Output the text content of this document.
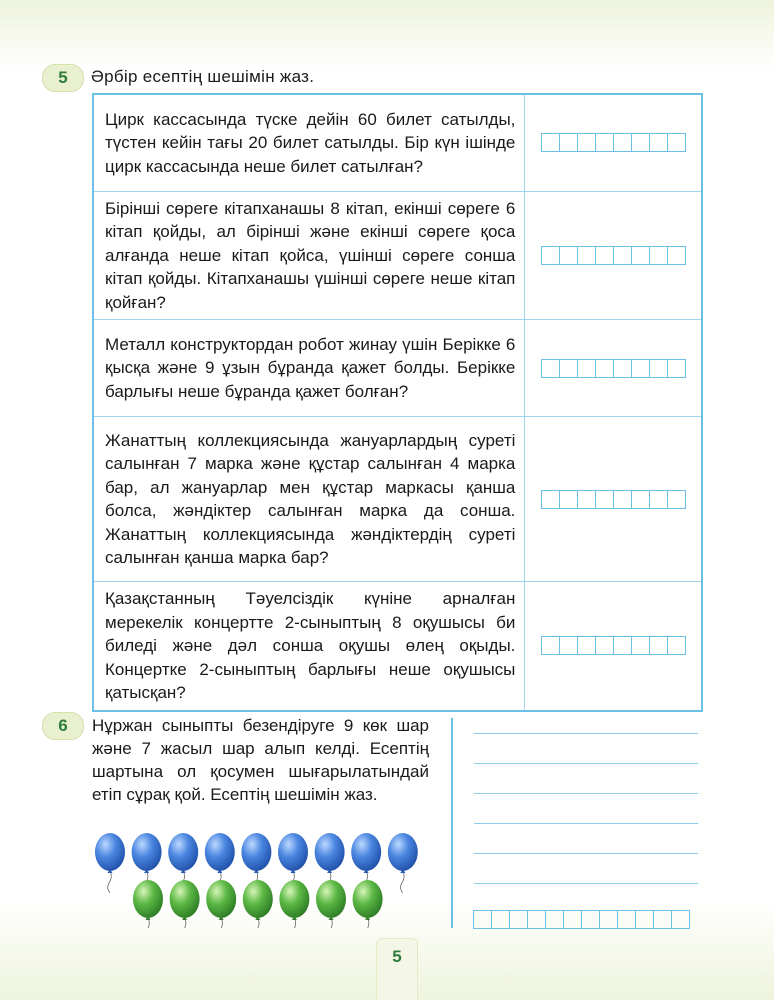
5	Әрбір есептің шешімін жаз.
Цирк кассасында түске дейін 60 билет сатылды, түстен кейін тағы 20 билет сатылды. Бір күн ішінде цирк кассасында неше билет сатылған?	

Бірінші сөреге кітапханашы 8 кітап, екінші сөреге 6 кітап қойды, ал бірінші және екінші сөреге қоса алғанда неше кітап қойса, үшінші сөреге сонша кітап қойды. Кітапханашы үшінші сөреге неше кітап қойған?	

Металл конструктордан робот жинау үшін Берікке 6 қысқа және 9 ұзын бұранда қажет болды. Берікке барлығы неше бұранда қажет болған?	

Жанаттың коллекциясында жануарлардың суреті салынған 7 марка және құстар салынған 4 марка бар, ал жануарлар мен құстар маркасы қанша болса, жәндіктер салынған марка да сонша. Жанаттың коллекциясында жәндіктердің суреті салынған қанша марка бар?	

Қазақстанның Тәуелсіздік күніне арналған мерекелік концертте 2-сыныптың 8 оқушысы би биледі және дәл сонша оқушы өлең оқыды. Концертке 2-сыныптың барлығы неше оқушысы қатысқан?	
6	Нұржан сыныпты безендіруге 9 көк шар және 7 жасыл шар алып келді. Есептің шартына ол қосумен шығарылатындай етіп сұрақ қой. Есептің шешімін жаз.
5
